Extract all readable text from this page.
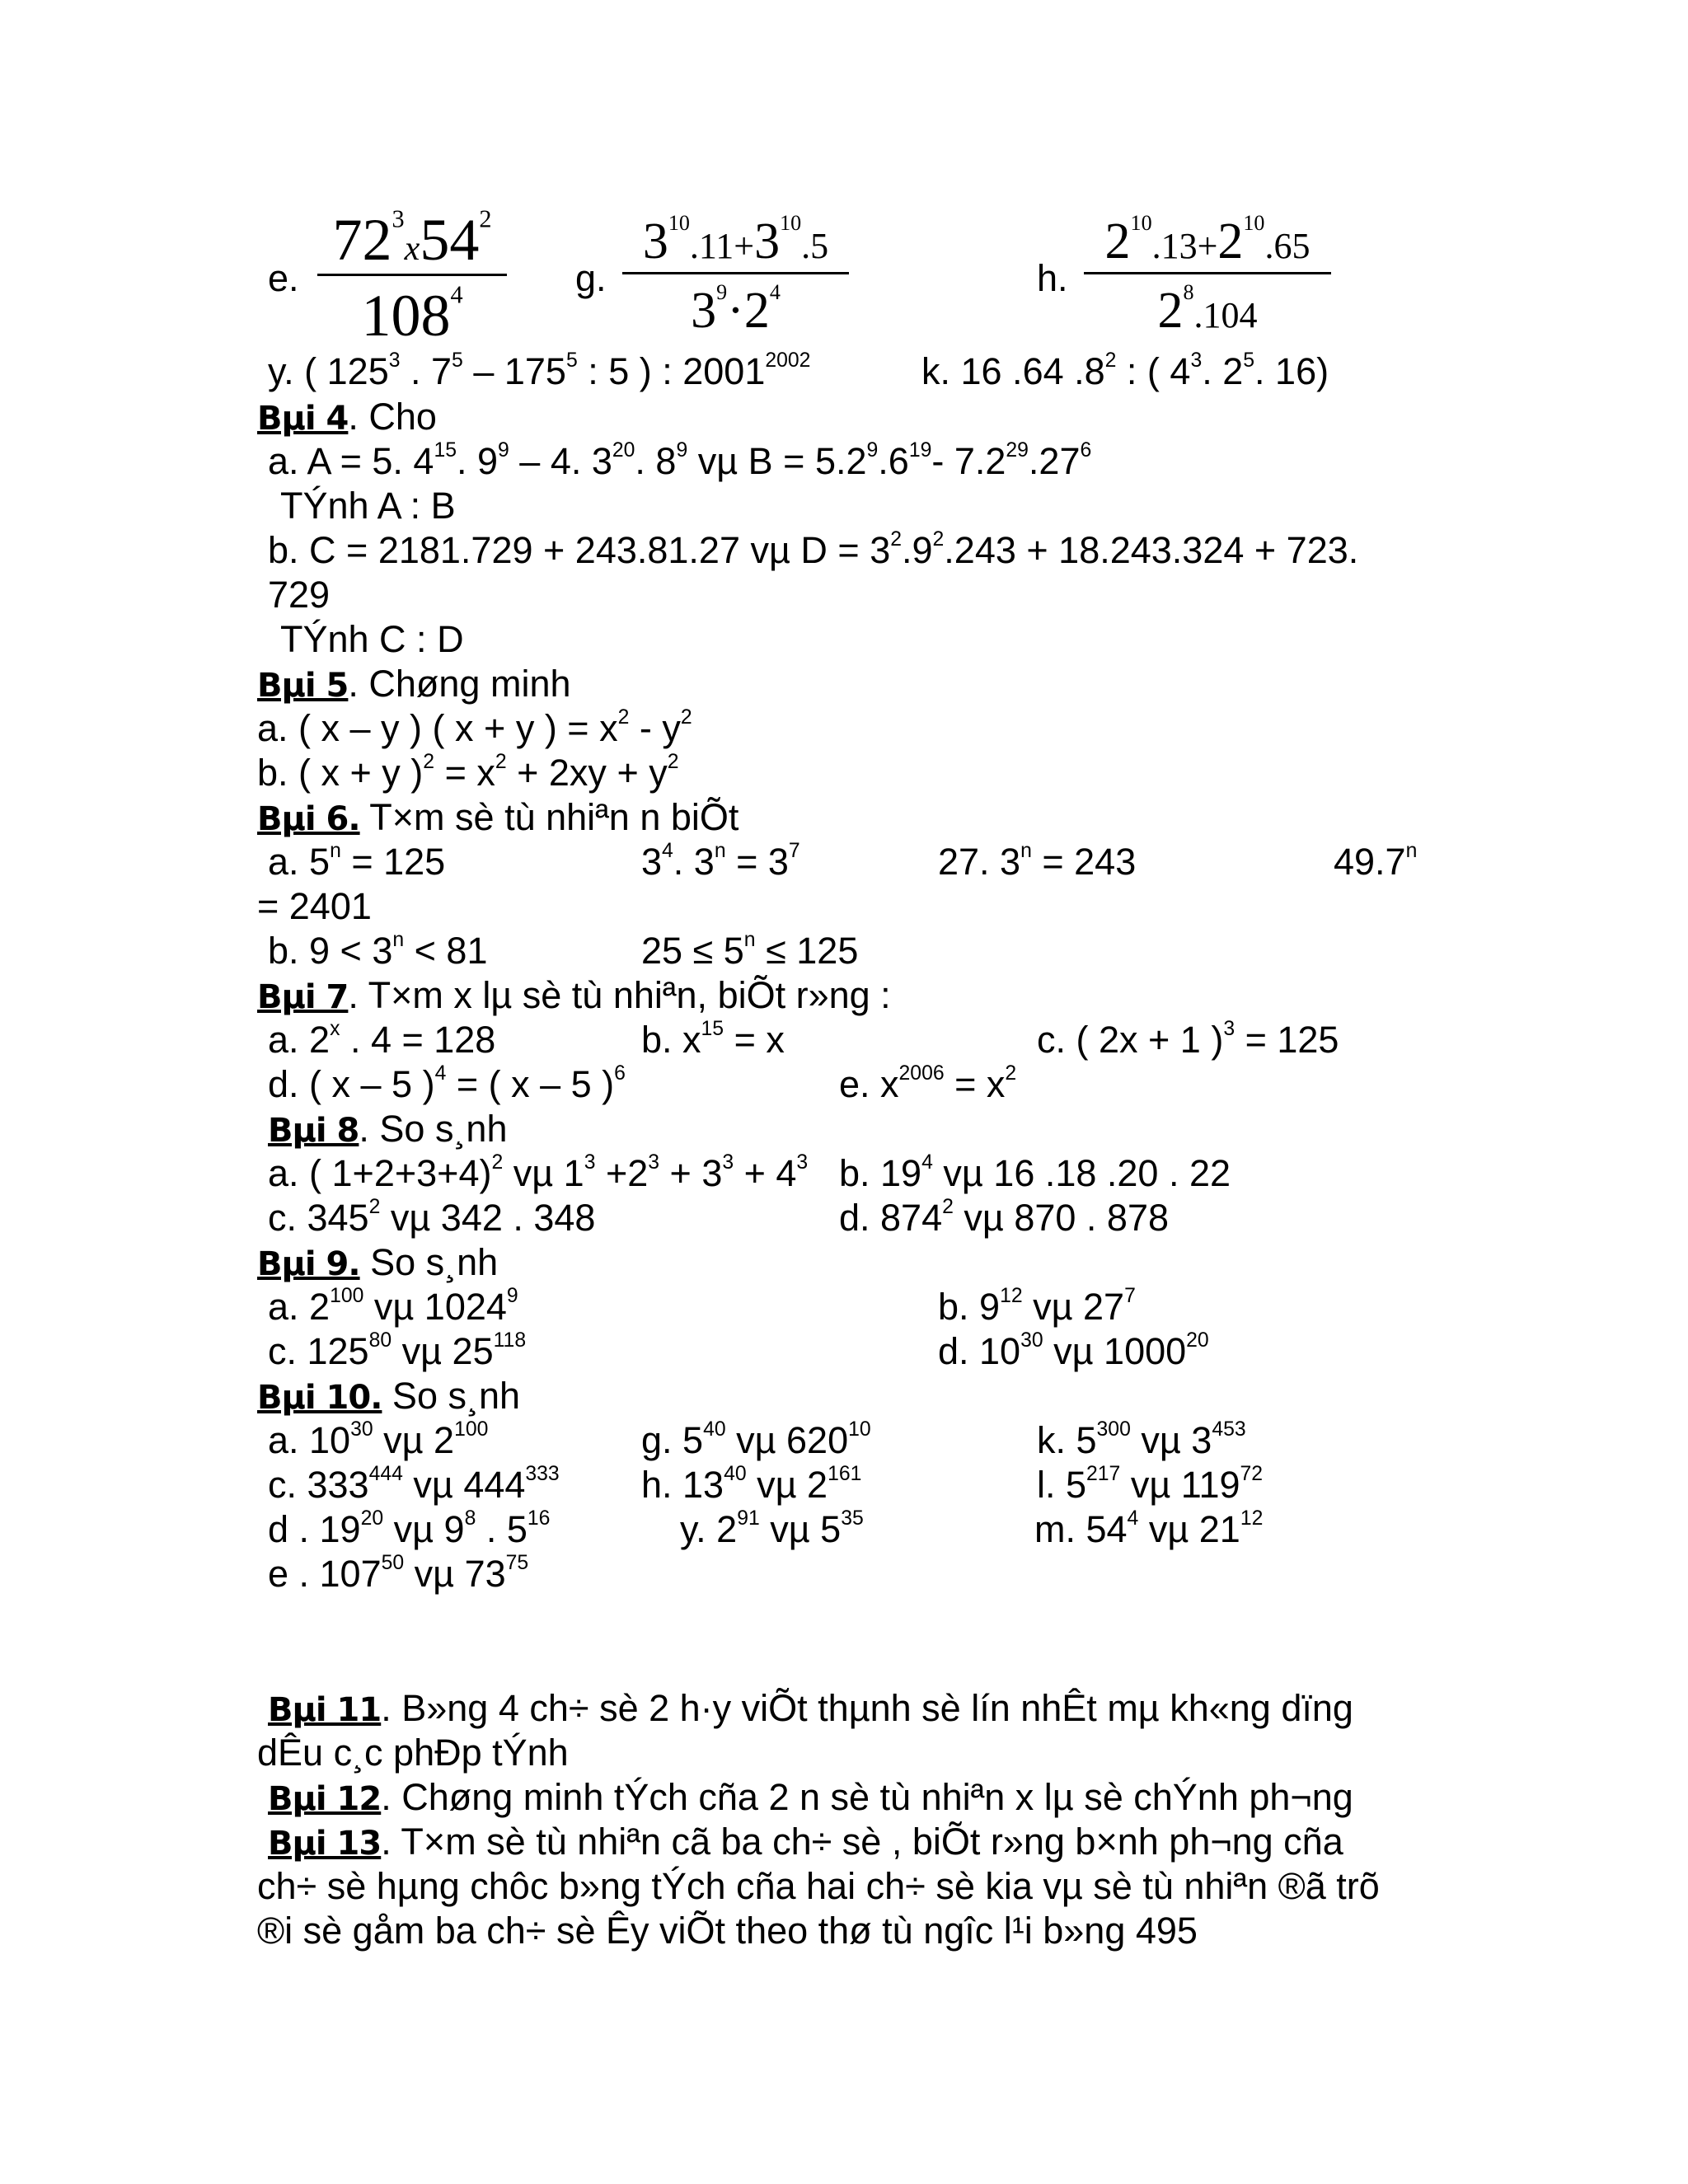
e.
$72^3x54^2$
$108^4$	g.
$3^{10}.11+3^{10}.5$
$3^9\cdot 2^4$	h.
$2^{10}.13+2^{10}.65$
$2^8.104$
y. ( $125^3$ . $7^5 - 175^5$ : 5 ) : $2001^{2002}$	k. 16 .64 $.8^2$ : ( $4^3$. $2^5$. 16)
Bµi 4. Cho
a. A = 5. $4^{15}$. $9^9 - 4$. $3^{20}$. $8^9$ vµ $B = 5.2^9.6^{19}-$ $7.2^{29}.27^6$
TÝnh A : B
b. C = 2181.729 + 243.81.27 vµ $D = 3^2.9^2.243 + 18.243.324 + 723$.
729
TÝnh C : D
Bµi 5. Chøng minh
a. ( x – y ) ( x + y ) = $x^2 - y^2$
b. ( x + y )$^2 = x^2 + 2xy + y^2$
Bµi 6. T×m sè tù nhiªn n biÕt
a. $5^n = 125$	$3^4$. $3^n = 3^7$	27. $3^n = 243$	$49.7^n$
= 2401
b. $9 < 3^n < 81$	$25 \le 5^n \le 125$
Bµi 7. T×m x lµ sè tù nhiªn, biÕt r»ng :
a. 2$^x$ . 4 = 128	b. $x^{15} = x$	c. ( 2x + 1 )$^3$ = 125
d. ( x – 5 )$^4$ = ( x – 5 )$^6$	e. $x^{2006} = x^2$
Bµi 8. So s¸nh
a. ( 1+2+3+4)$^2$ vµ $1^3 +2^3 + 3^3 + 4^3$ b. $19^4$ vµ 16 .18 .20 . 22
c. $345^2$ vµ 342 . 348	d. $874^2$ vµ 870 . 878
Bµi 9. So s¸nh
a. $2^{100}$ vµ 1024$^9$	b. $9^{12}$ vµ $27^7$
c. $125^{80}$ vµ $25^{118}$	d. $10^{30}$ vµ 1000$^{20}$
Bµi 10. So s¸nh
a. $10^{30}$ vµ $2^{100}$	g. $5^{40}$ vµ $620^{10}$	k. $5^{300}$ vµ $3^{453}$
c. $333^{444}$ vµ $444^{333}$ h. $13^{40}$ vµ $2^{161}$	l. $5^{217}$ vµ $119^{72}$
d . $19^{20}$ vµ $9^8$ . $5^{16}$	y. $2^{91}$ vµ $5^{35}$	m. $54^4$ vµ $21^{12}$
e . $107^{50}$ vµ $73^{75}$
Bµi 11. B»ng 4 ch÷ sè 2 h·y viÕt thµnh sè lín nhÊt mµ kh«ng dïng
dÊu c¸c phÐp tÝnh
Bµi 12. Chøng minh tÝch cña 2 n sè tù nhiªn x lµ sè chÝnh ph¬ng
Bµi 13. T×m sè tù nhiªn cã ba ch÷ sè , biÕt r»ng b×nh ph¬ng cña
ch÷ sè hµng chôc b»ng tÝch cña hai ch÷ sè kia vµ sè tù nhiªn ®ã trõ
®i sè gåm ba ch÷ sè Êy viÕt theo thø tù ngîc l¹i b»ng 495
